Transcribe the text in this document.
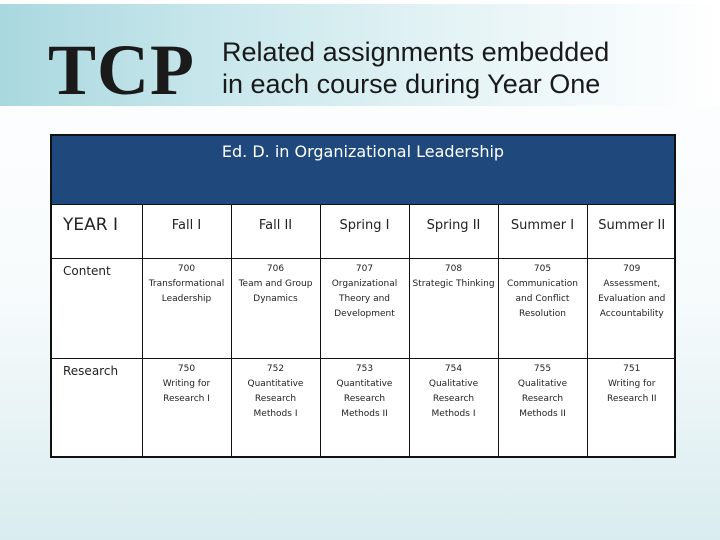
TCP Related assignments embedded
in each course during Year One
Ed. D. in Organizational Leadership
YEAR I	Fall I	Fall II	Spring I	Spring II	Summer I	Summer II
Content	700
Transformational
Leadership	706
Team and Group
Dynamics	707
Organizational
Theory and
Development	708
Strategic Thinking	705
Communication
and Conflict
Resolution	709
Assessment,
Evaluation and
Accountability

Research	750
Writing for
Research I	752
Quantitative
Research
Methods I	753
Quantitative
Research
Methods II	754
Qualitative
Research
Methods I	755
Qualitative
Research
Methods II	751
Writing for
Research II
